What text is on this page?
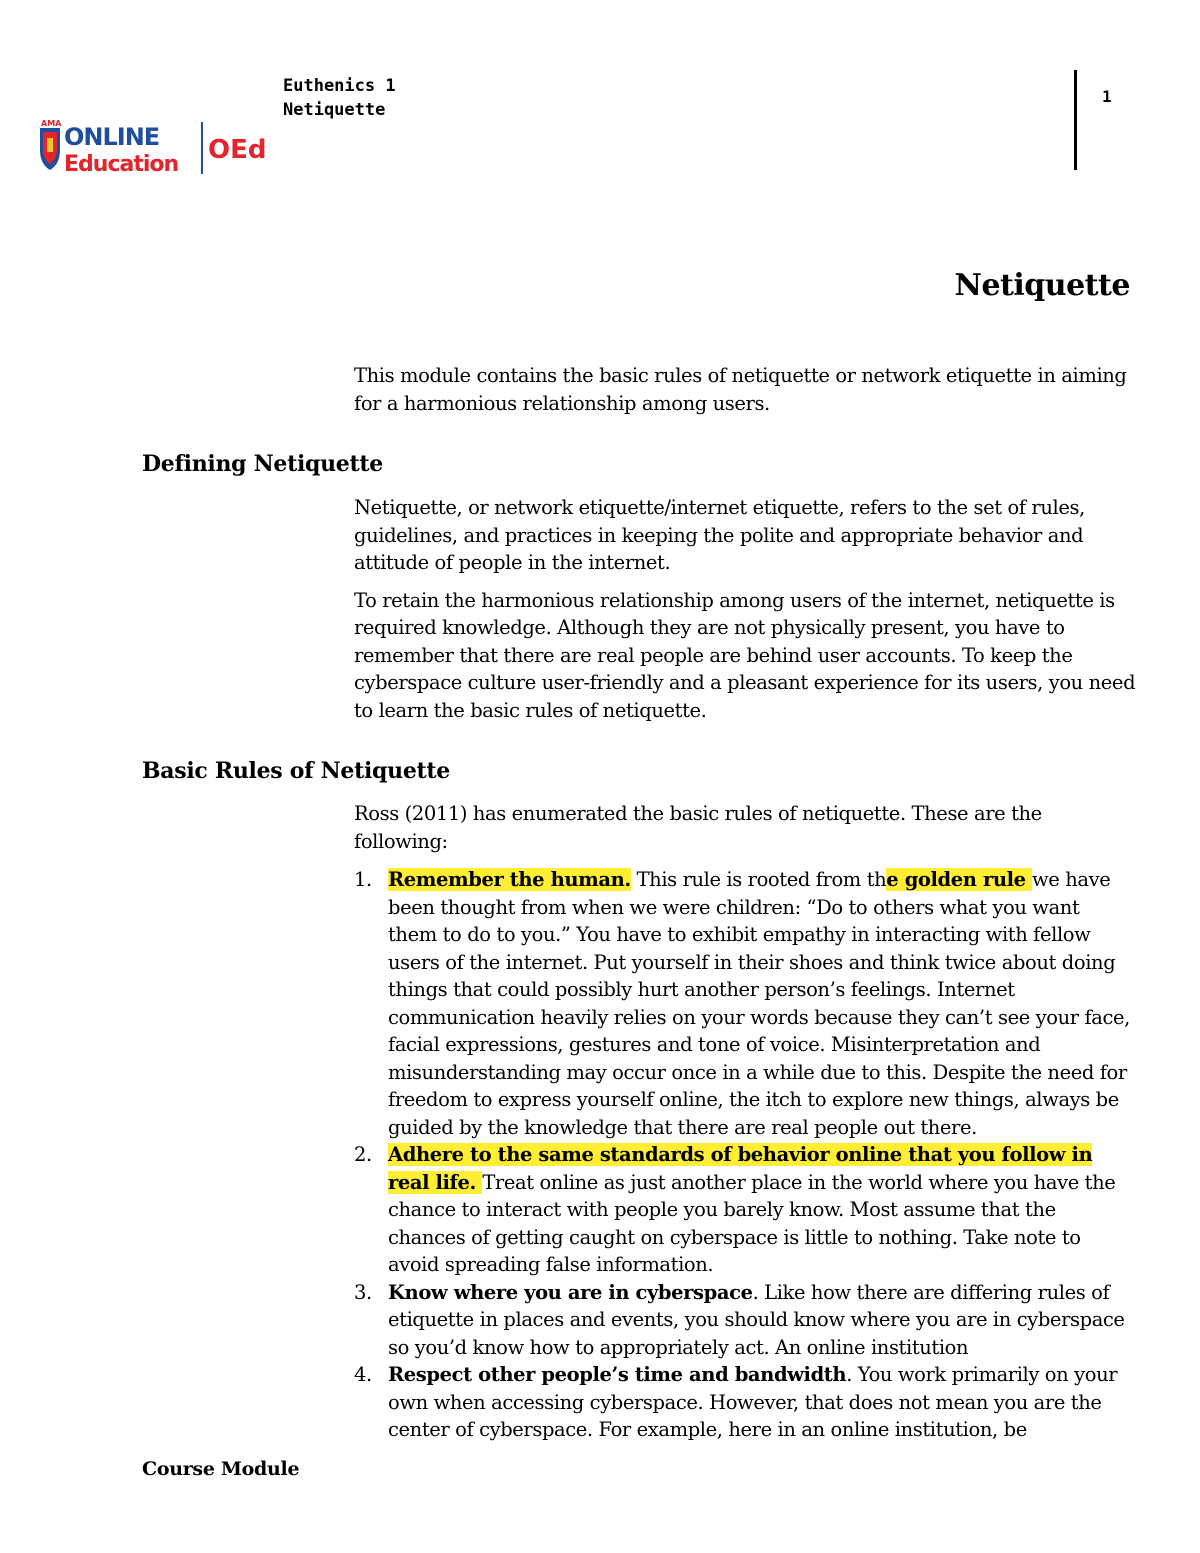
AMA ONLINE
Education OEd
Euthenics 1
Netiquette
1
Netiquette

This module contains the basic rules of netiquette or network etiquette in aiming for a harmonious relationship among users.

Defining Netiquette

Netiquette, or network etiquette/internet etiquette, refers to the set of rules, guidelines, and practices in keeping the polite and appropriate behavior and attitude of people in the internet.

To retain the harmonious relationship among users of the internet, netiquette is required knowledge. Although they are not physically present, you have to remember that there are real people are behind user accounts. To keep the cyberspace culture user-friendly and a pleasant experience for its users, you need to learn the basic rules of netiquette.

Basic Rules of Netiquette

Ross (2011) has enumerated the basic rules of netiquette. These are the following:

1. Remember the human. This rule is rooted from the golden rule we have been thought from when we were children: “Do to others what you want them to do to you.” You have to exhibit empathy in interacting with fellow users of the internet. Put yourself in their shoes and think twice about doing things that could possibly hurt another person’s feelings. Internet communication heavily relies on your words because they can’t see your face, facial expressions, gestures and tone of voice. Misinterpretation and misunderstanding may occur once in a while due to this. Despite the need for freedom to express yourself online, the itch to explore new things, always be guided by the knowledge that there are real people out there.
2. Adhere to the same standards of behavior online that you follow in real life. Treat online as just another place in the world where you have the chance to interact with people you barely know. Most assume that the chances of getting caught on cyberspace is little to nothing. Take note to avoid spreading false information.
3. Know where you are in cyberspace. Like how there are differing rules of etiquette in places and events, you should know where you are in cyberspace so you’d know how to appropriately act. An online institution
4. Respect other people’s time and bandwidth. You work primarily on your own when accessing cyberspace. However, that does not mean you are the center of cyberspace. For example, here in an online institution, be
Course Module
